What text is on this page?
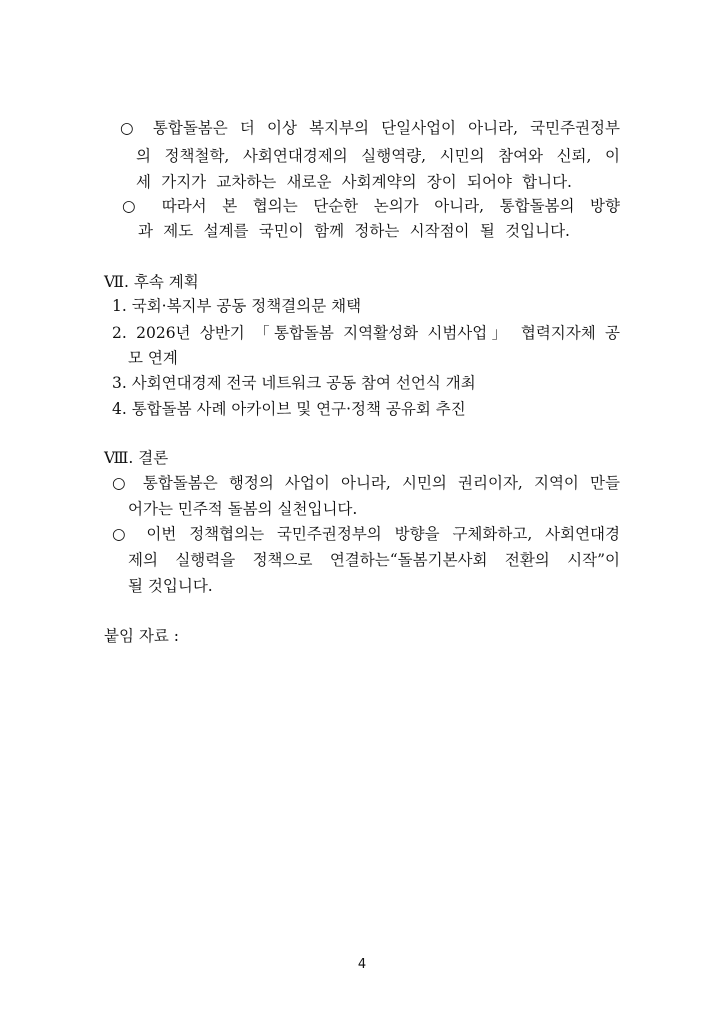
○ 통합돌봄은 더 이상 복지부의 단일사업이 아니라, 국민주권정부
의 정책철학, 사회연대경제의 실행역량, 시민의 참여와 신뢰, 이
세 가지가 교차하는 새로운 사회계약의 장이 되어야 합니다.
○ 따라서 본 협의는 단순한 논의가 아니라, 통합돌봄의 방향
과 제도 설계를 국민이 함께 정하는 시작점이 될 것입니다.
Ⅶ. 후속 계획
1. 국회·복지부 공동 정책결의문 채택
2. 2026년 상반기 「통합돌봄 지역활성화 시범사업」 협력지자체 공
모 연계
3. 사회연대경제 전국 네트워크 공동 참여 선언식 개최
4. 통합돌봄 사례 아카이브 및 연구·정책 공유회 추진
Ⅷ. 결론
○ 통합돌봄은 행정의 사업이 아니라, 시민의 권리이자, 지역이 만들
어가는 민주적 돌봄의 실천입니다.
○ 이번 정책협의는 국민주권정부의 방향을 구체화하고, 사회연대경
제의 실행력을 정책으로 연결하는“돌봄기본사회 전환의 시작”이
될 것입니다.
붙임 자료 :
4
